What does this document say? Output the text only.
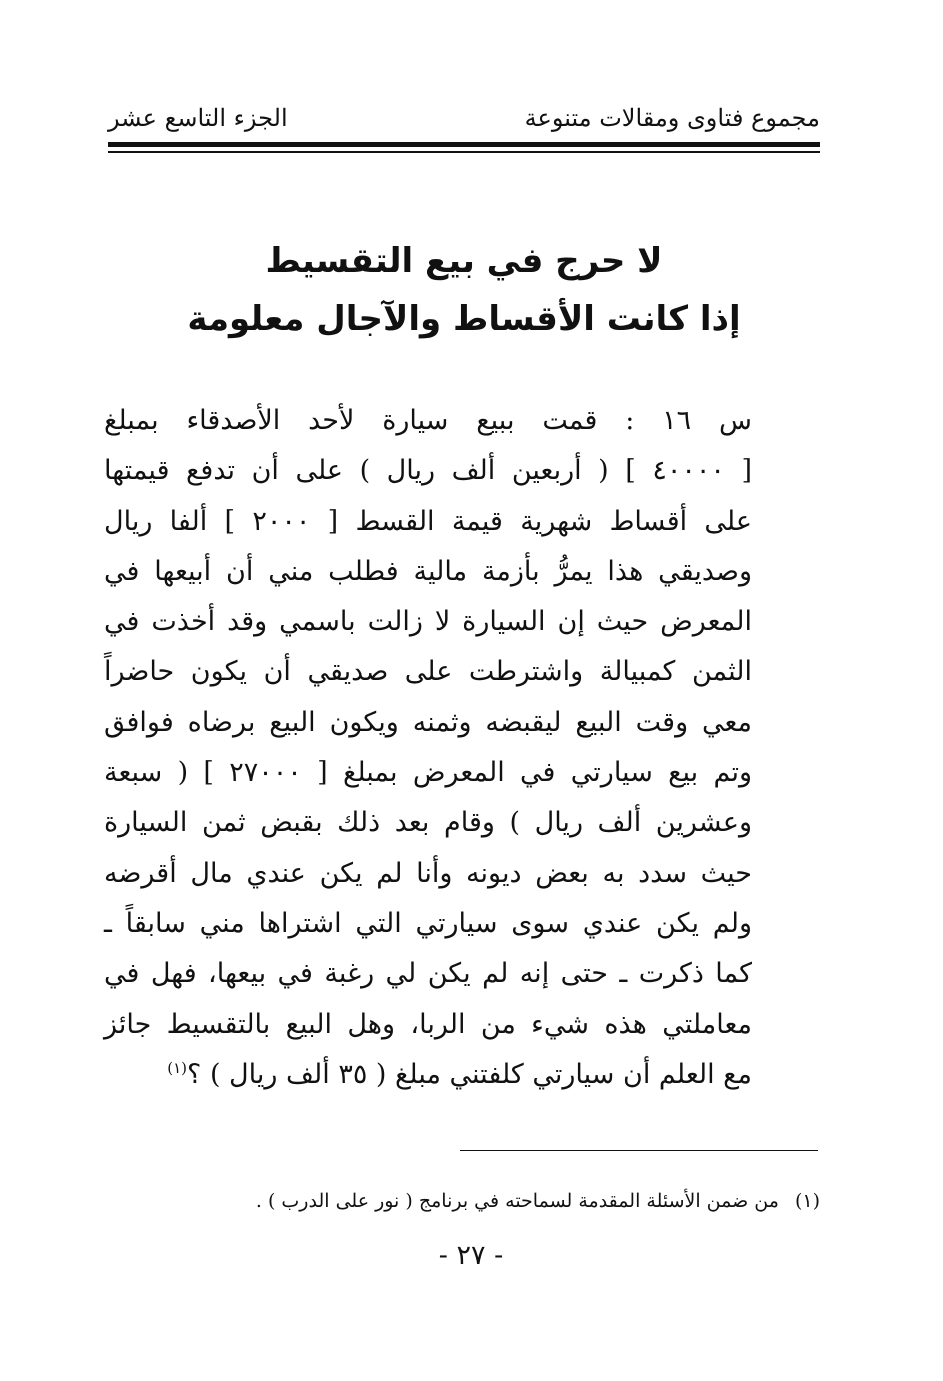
مجموع فتاوى ومقالات متنوعة
الجزء التاسع عشر
لا حرج في بيع التقسيط
إذا كانت الأقساط والآجال معلومة
س ١٦ : قمت ببيع سيارة لأحد الأصدقاء بمبلغ
[ ٤٠٠٠٠ ] ( أربعين ألف ريال ) على أن تدفع قيمتها
على أقساط شهرية قيمة القسط [ ٢٠٠٠ ] ألفا ريال
وصديقي هذا يمرُّ بأزمة مالية فطلب مني أن أبيعها في
المعرض حيث إن السيارة لا زالت باسمي وقد أخذت في
الثمن كمبيالة واشترطت على صديقي أن يكون حاضراً
معي وقت البيع ليقبضه وثمنه ويكون البيع برضاه فوافق
وتم بيع سيارتي في المعرض بمبلغ [ ٢٧٠٠٠ ] ( سبعة
وعشرين ألف ريال ) وقام بعد ذلك بقبض ثمن السيارة
حيث سدد به بعض ديونه وأنا لم يكن عندي مال أقرضه
ولم يكن عندي سوى سيارتي التي اشتراها مني سابقاً ـ
كما ذكرت ـ حتى إنه لم يكن لي رغبة في بيعها، فهل في
معاملتي هذه شيء من الربا، وهل البيع بالتقسيط جائز
مع العلم أن سيارتي كلفتني مبلغ ( ٣٥ ألف ريال ) ؟$^{(١)}$
(١)من ضمن الأسئلة المقدمة لسماحته في برنامج ( نور على الدرب ) .
- ٢٧ -
